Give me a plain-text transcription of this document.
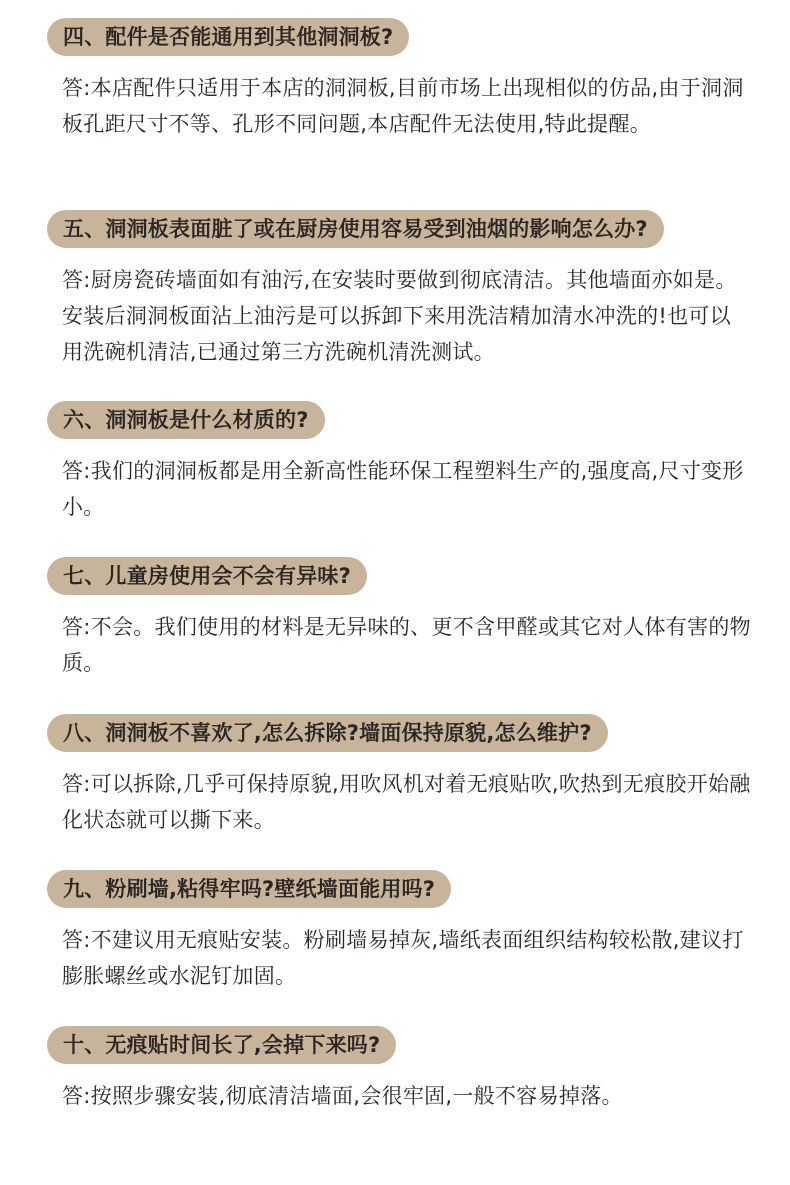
四、配件是否能通用到其他洞洞板?
答:本店配件只适用于本店的洞洞板,目前市场上出现相似的仿品,由于洞洞板孔距尺寸不等、孔形不同问题,本店配件无法使用,特此提醒。
五、洞洞板表面脏了或在厨房使用容易受到油烟的影响怎么办?
答:厨房瓷砖墙面如有油污,在安装时要做到彻底清洁。其他墙面亦如是。安装后洞洞板面沾上油污是可以拆卸下来用洗洁精加清水冲洗的!也可以用洗碗机清洁,已通过第三方洗碗机清洗测试。
六、洞洞板是什么材质的?
答:我们的洞洞板都是用全新高性能环保工程塑料生产的,强度高,尺寸变形小。
七、儿童房使用会不会有异味?
答:不会。我们使用的材料是无异味的、更不含甲醛或其它对人体有害的物质。
八、洞洞板不喜欢了,怎么拆除?墙面保持原貌,怎么维护?
答:可以拆除,几乎可保持原貌,用吹风机对着无痕贴吹,吹热到无痕胶开始融化状态就可以撕下来。
九、粉刷墙,粘得牢吗?壁纸墙面能用吗?
答:不建议用无痕贴安装。粉刷墙易掉灰,墙纸表面组织结构较松散,建议打膨胀螺丝或水泥钉加固。
十、无痕贴时间长了,会掉下来吗?
答:按照步骤安装,彻底清洁墙面,会很牢固,一般不容易掉落。
